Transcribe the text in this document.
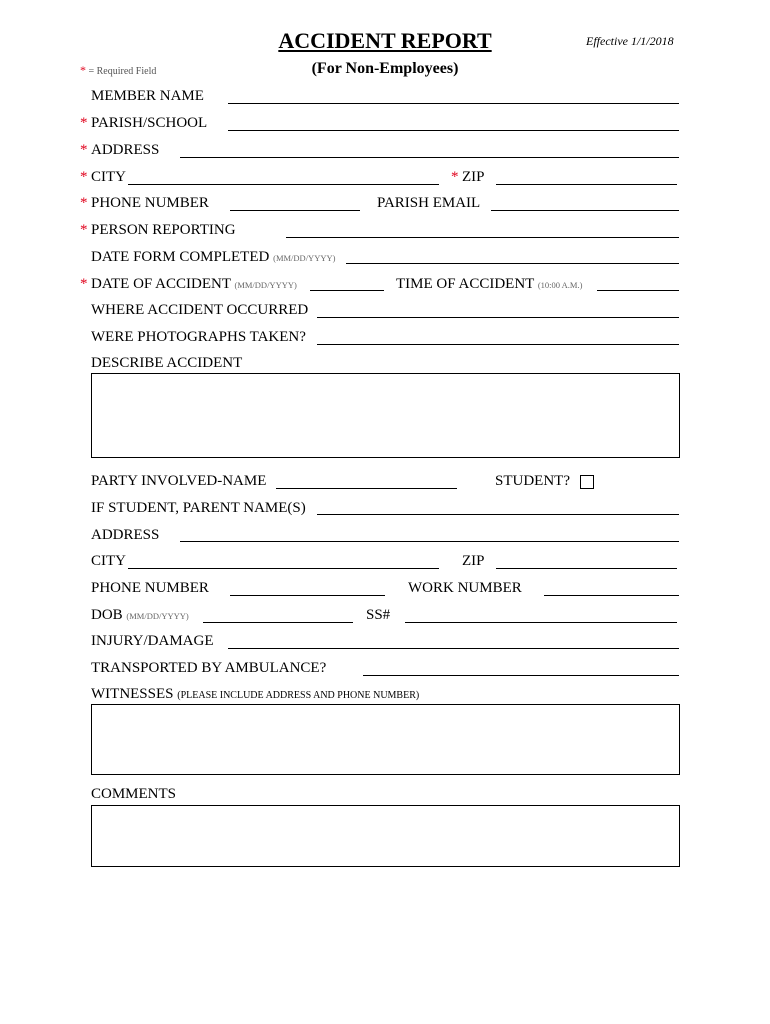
ACCIDENT REPORT
(For Non-Employees)
Effective 1/1/2018
* = Required Field
MEMBER NAME
* PARISH/SCHOOL
* ADDRESS
* CITY	* ZIP
* PHONE NUMBER	PARISH EMAIL
* PERSON REPORTING
DATE FORM COMPLETED (MM/DD/YYYY)
* DATE OF ACCIDENT (MM/DD/YYYY)	TIME OF ACCIDENT (10:00 A.M.)
WHERE ACCIDENT OCCURRED
WERE PHOTOGRAPHS TAKEN?
DESCRIBE ACCIDENT
PARTY INVOLVED-NAME	STUDENT?
IF STUDENT, PARENT NAME(S)
ADDRESS
CITY	ZIP
PHONE NUMBER	WORK NUMBER
DOB (MM/DD/YYYY)	SS#
INJURY/DAMAGE
TRANSPORTED BY AMBULANCE?
WITNESSES (PLEASE INCLUDE ADDRESS AND PHONE NUMBER)
COMMENTS
